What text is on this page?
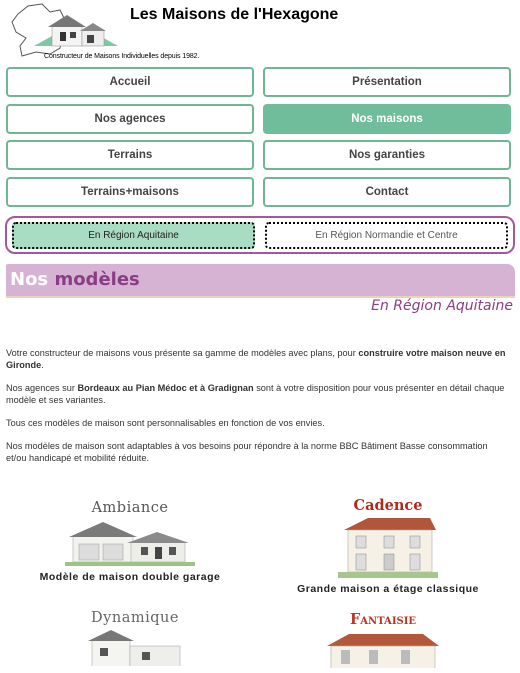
Les Maisons de l'Hexagone
Constructeur de Maisons Individuelles depuis 1982.
Accueil	Présentation
Nos agences	Nos maisons
Terrains	Nos garanties
Terrains+maisons	Contact
En Région Aquitaine	En Région Normandie et Centre
Nos modèles
En Région Aquitaine

Votre constructeur de maisons vous présente sa gamme de modèles avec plans, pour construire votre maison neuve en Gironde.

Nos agences sur Bordeaux au Pian Médoc et à Gradignan sont à votre disposition pour vous présenter en détail chaque modèle et ses variantes.

Tous ces modèles de maison sont personnalisables en fonction de vos envies.

Nos modèles de maison sont adaptables à vos besoins pour répondre à la norme BBC Bâtiment Basse consommation et/ou handicapé et mobilité réduite.

Ambiance
Modèle de maison double garage
Cadence
Grande maison a étage classique
Dynamique	Fantaisie
